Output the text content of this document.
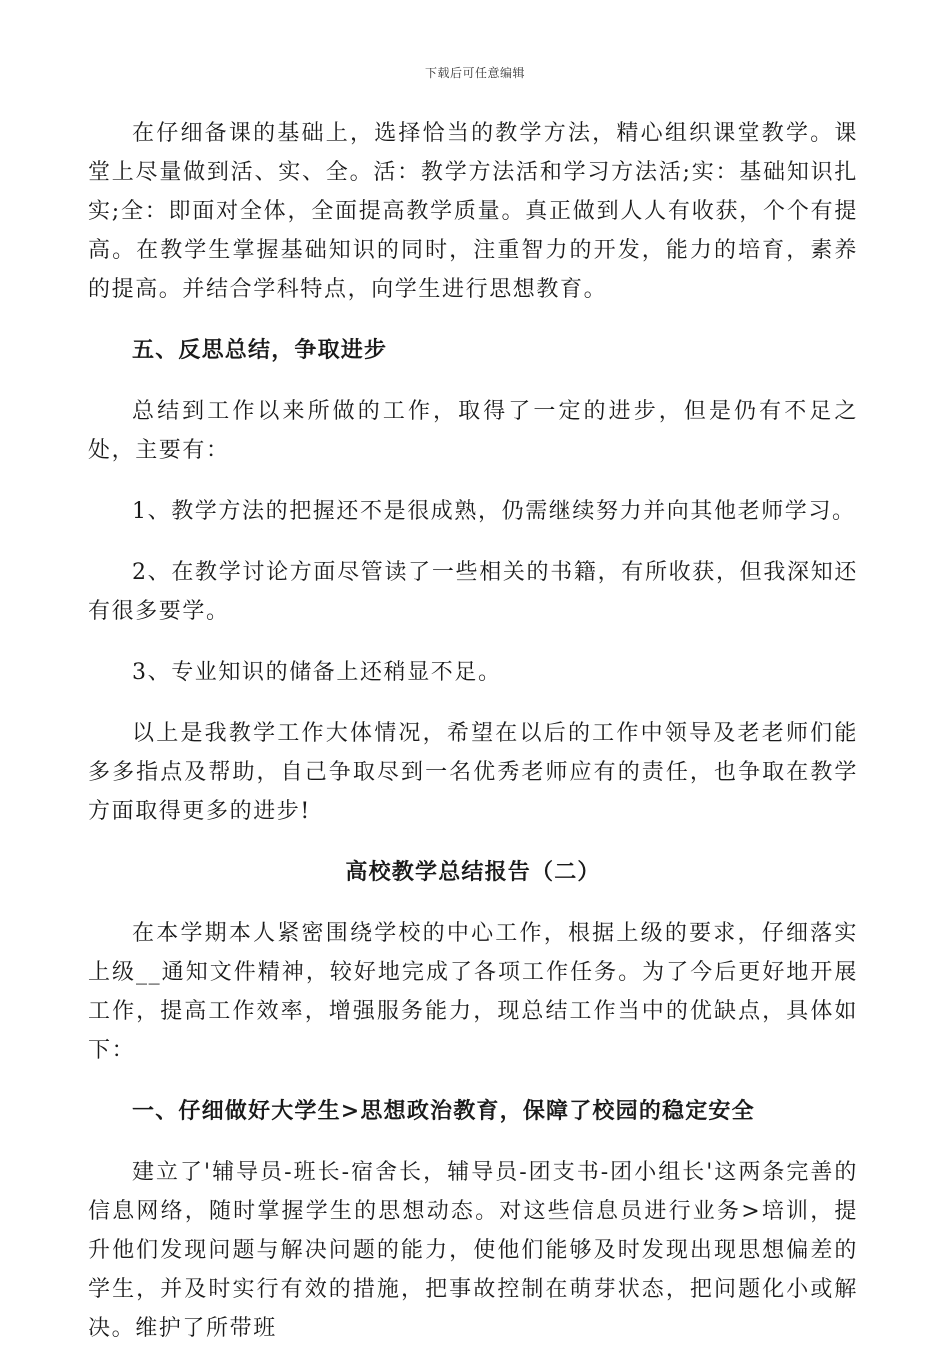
下载后可任意编辑

在仔细备课的基础上，选择恰当的教学方法，精心组织课堂教学。课堂上尽量做到活、实、全。活：教学方法活和学习方法活;实：基础知识扎实;全：即面对全体，全面提高教学质量。真正做到人人有收获，个个有提高。在教学生掌握基础知识的同时，注重智力的开发，能力的培育，素养的提高。并结合学科特点，向学生进行思想教育。

五、反思总结，争取进步

总结到工作以来所做的工作，取得了一定的进步，但是仍有不足之处，主要有：

1、教学方法的把握还不是很成熟，仍需继续努力并向其他老师学习。

2、在教学讨论方面尽管读了一些相关的书籍，有所收获，但我深知还有很多要学。

3、专业知识的储备上还稍显不足。

以上是我教学工作大体情况，希望在以后的工作中领导及老老师们能多多指点及帮助，自己争取尽到一名优秀老师应有的责任，也争取在教学方面取得更多的进步!

高校教学总结报告（二）

在本学期本人紧密围绕学校的中心工作，根据上级的要求，仔细落实上级__通知文件精神，较好地完成了各项工作任务。为了今后更好地开展工作，提高工作效率，增强服务能力，现总结工作当中的优缺点，具体如下：

一、仔细做好大学生>思想政治教育，保障了校园的稳定安全

建立了'辅导员-班长-宿舍长，辅导员-团支书-团小组长'这两条完善的信息网络，随时掌握学生的思想动态。对这些信息员进行业务>培训，提升他们发现问题与解决问题的能力，使他们能够及时发现出现思想偏差的学生，并及时实行有效的措施，把事故控制在萌芽状态，把问题化小或解决。维护了所带班
